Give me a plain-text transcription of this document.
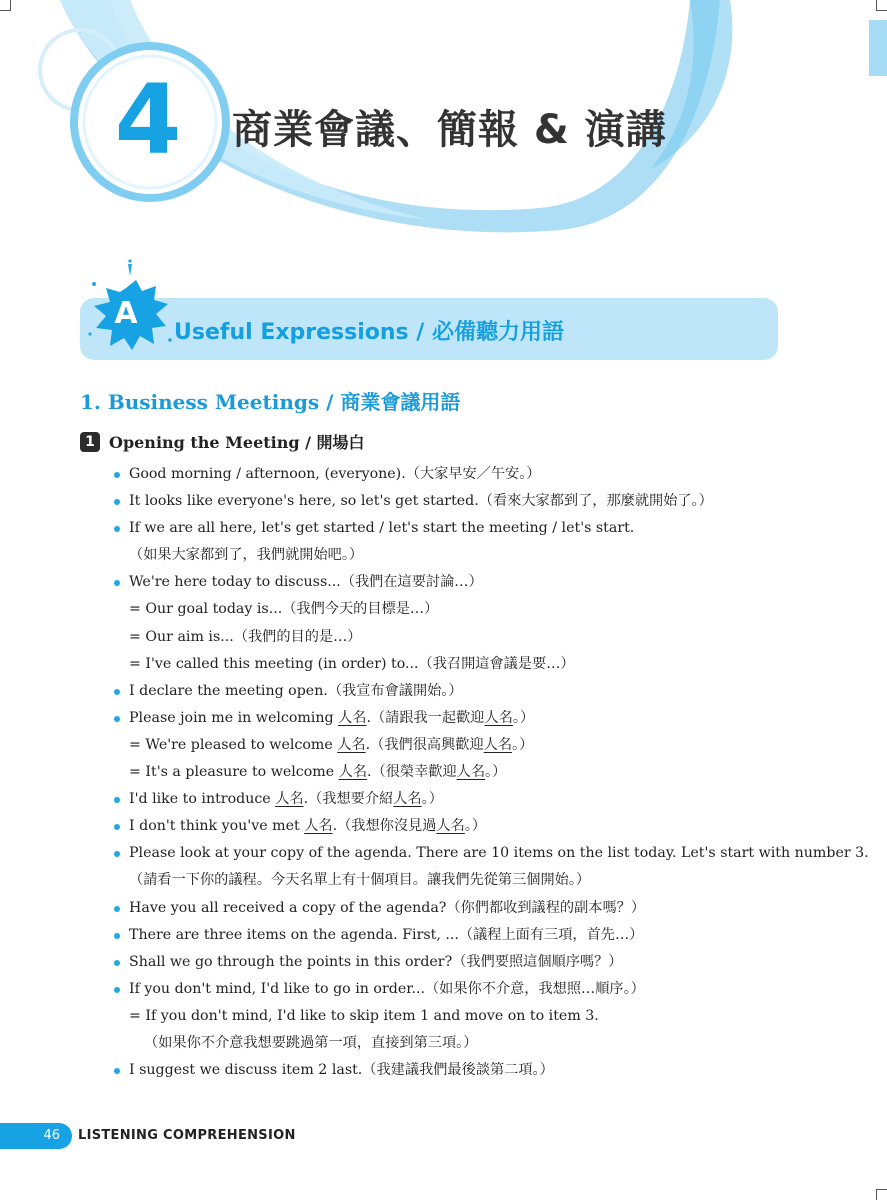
4	商業會議、簡報 & 演講
A
Useful Expressions / 必備聽力用語
1. Business Meetings / 商業會議用語
1 Opening the Meeting / 開場白
Good morning / afternoon, (everyone).（大家早安／午安。）
It looks like everyone's here, so let's get started.（看來大家都到了，那麼就開始了。）
If we are all here, let's get started / let's start the meeting / let's start.
（如果大家都到了，我們就開始吧。）
We're here today to discuss...（我們在這要討論…）
= Our goal today is...（我們今天的目標是…）
= Our aim is...（我們的目的是…）
= I've called this meeting (in order) to...（我召開這會議是要…）
I declare the meeting open.（我宣布會議開始。）
Please join me in welcoming 人名.（請跟我一起歡迎人名。）
= We're pleased to welcome 人名.（我們很高興歡迎人名。）
= It's a pleasure to welcome 人名.（很榮幸歡迎人名。）
I'd like to introduce 人名.（我想要介紹人名。）
I don't think you've met 人名.（我想你沒見過人名。）
Please look at your copy of the agenda. There are 10 items on the list today. Let's start with number 3.
（請看一下你的議程。今天名單上有十個項目。讓我們先從第三個開始。）
Have you all received a copy of the agenda?（你們都收到議程的副本嗎？）
There are three items on the agenda. First, ...（議程上面有三項，首先…）
Shall we go through the points in this order?（我們要照這個順序嗎？）
If you don't mind, I'd like to go in order...（如果你不介意，我想照…順序。）
= If you don't mind, I'd like to skip item 1 and move on to item 3.
（如果你不介意我想要跳過第一項，直接到第三項。）
I suggest we discuss item 2 last.（我建議我們最後談第二項。）
46	LISTENING COMPREHENSION
